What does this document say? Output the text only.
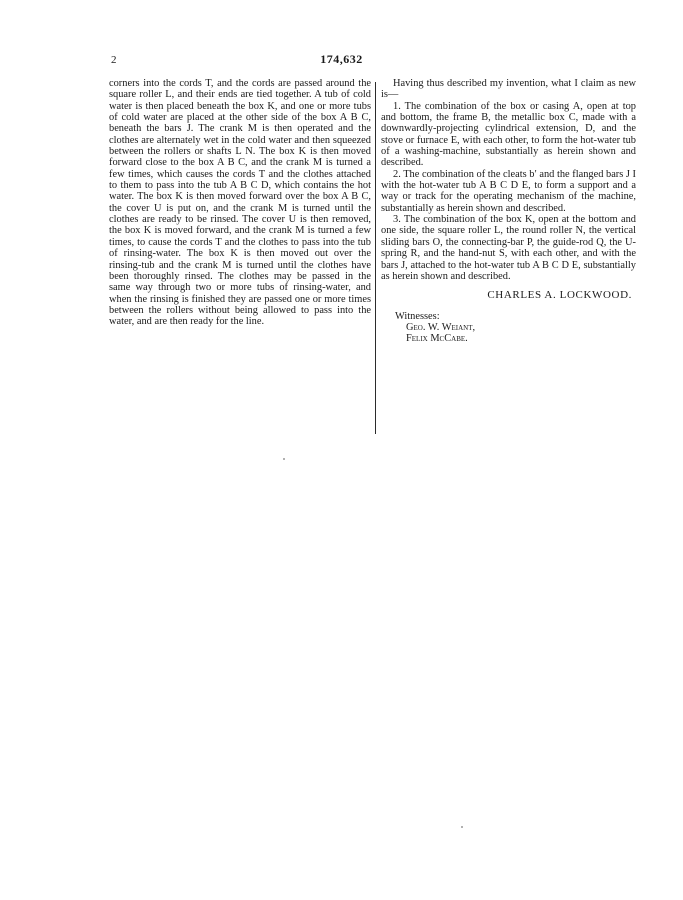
2	174,632

corners into the cords T, and the cords are passed around the square roller L, and their ends are tied together. A tub of cold water is then placed beneath the box K, and one or more tubs of cold water are placed at the other side of the box A B C, beneath the bars J. The crank M is then operated and the clothes are alternately wet in the cold water and then squeezed between the rollers or shafts L N. The box K is then moved forward close to the box A B C, and the crank M is turned a few times, which causes the cords T and the clothes attached to them to pass into the tub A B C D, which contains the hot water. The box K is then moved forward over the box A B C, the cover U is put on, and the crank M is turned until the clothes are ready to be rinsed. The cover U is then removed, the box K is moved forward, and the crank M is turned a few times, to cause the cords T and the clothes to pass into the tub of rinsing-water. The box K is then moved out over the rinsing-tub and the crank M is turned until the clothes have been thoroughly rinsed. The clothes may be passed in the same way through two or more tubs of rinsing-water, and when the rinsing is finished they are passed one or more times between the rollers without being allowed to pass into the water, and are then ready for the line.

Having thus described my invention, what I claim as new is—

1. The combination of the box or casing A, open at top and bottom, the frame B, the metallic box C, made with a downwardly-projecting cylindrical extension, D, and the stove or furnace E, with each other, to form the hot-water tub of a washing-machine, substantially as herein shown and described.

2. The combination of the cleats b′ and the flanged bars J I with the hot-water tub A B C D E, to form a support and a way or track for the operating mechanism of the machine, substantially as herein shown and described.

3. The combination of the box K, open at the bottom and one side, the square roller L, the round roller N, the vertical sliding bars O, the connecting-bar P, the guide-rod Q, the U-spring R, and the hand-nut S, with each other, and with the bars J, attached to the hot-water tub A B C D E, substantially as herein shown and described.

CHARLES A. LOCKWOOD.

Witnesses:

Geo. W. Weiant,

Felix McCabe.
